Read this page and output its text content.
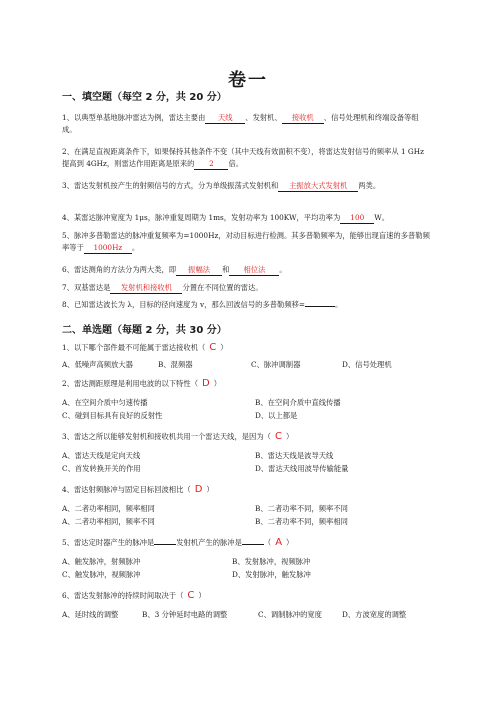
卷一
一、填空题（每空 2 分，共 20 分）
1、以典型单基地脉冲雷达为例，雷达主要由 天线 、发射机、 接收机 、信号处理机和终端设备等组成。
2、在满足直视距离条件下，如果保持其他条件不变（其中天线有效面积不变），将雷达发射信号的频率从 1 GHz 提高到 4GHz，则雷达作用距离是原来的 2 倍。
3、雷达发射机按产生的射频信号的方式，分为单级振荡式发射机和 主振放大式发射机 两类。
4、某雷达脉冲宽度为 1μs，脉冲重复周期为 1ms，发射功率为 100KW，平均功率为 100 W。
5、脉冲多普勒雷达的脉冲重复频率为=1000Hz，对动目标进行检测。其多普勒频率为，能够出现盲速的多普勒频率等于 1000Hz 。
6、雷达测角的方法分为两大类，即 振幅法 和 相位法 。
7、双基雷达是 发射机和接收机 分置在不同位置的雷达。
8、已知雷达波长为 λ，目标的径向速度为 v，那么回波信号的多普勒频移=	。
二、单选题（每题 2 分，共 30 分）
1、以下哪个部件最不可能属于雷达接收机（ C ）
A、低噪声高频放大器	B、混频器	C、脉冲调制器	D、信号处理机
2、雷达测距原理是利用电波的以下特性（ D ）
A、在空间介质中匀速传播	B、在空间介质中直线传播
C、碰到目标具有良好的反射性	D、以上都是
3、雷达之所以能够发射机和接收机共用一个雷达天线，是因为（ C ）
A、雷达天线是定向天线	B、雷达天线是波导天线
C、首发转换开关的作用	D、雷达天线用波导传输能量
4、雷达射频脉冲与固定目标回波相比（ D ）
A、二者功率相同，频率相同	B、二者功率不同，频率不同
A、二者功率相同，频率不同	B、二者功率不同，频率相同
5、雷达定时器产生的脉冲是	发射机产生的脉冲是	（ A ）
A、触发脉冲，射频脉冲	B、发射脉冲，视频脉冲
C、触发脉冲，视频脉冲	D、发射脉冲，触发脉冲
6、雷达发射脉冲的持续时间取决于（ C ）
A、延时线的调整	B、3 分钟延时电路的调整	C、调制脉冲的宽度	D、方波宽度的调整
